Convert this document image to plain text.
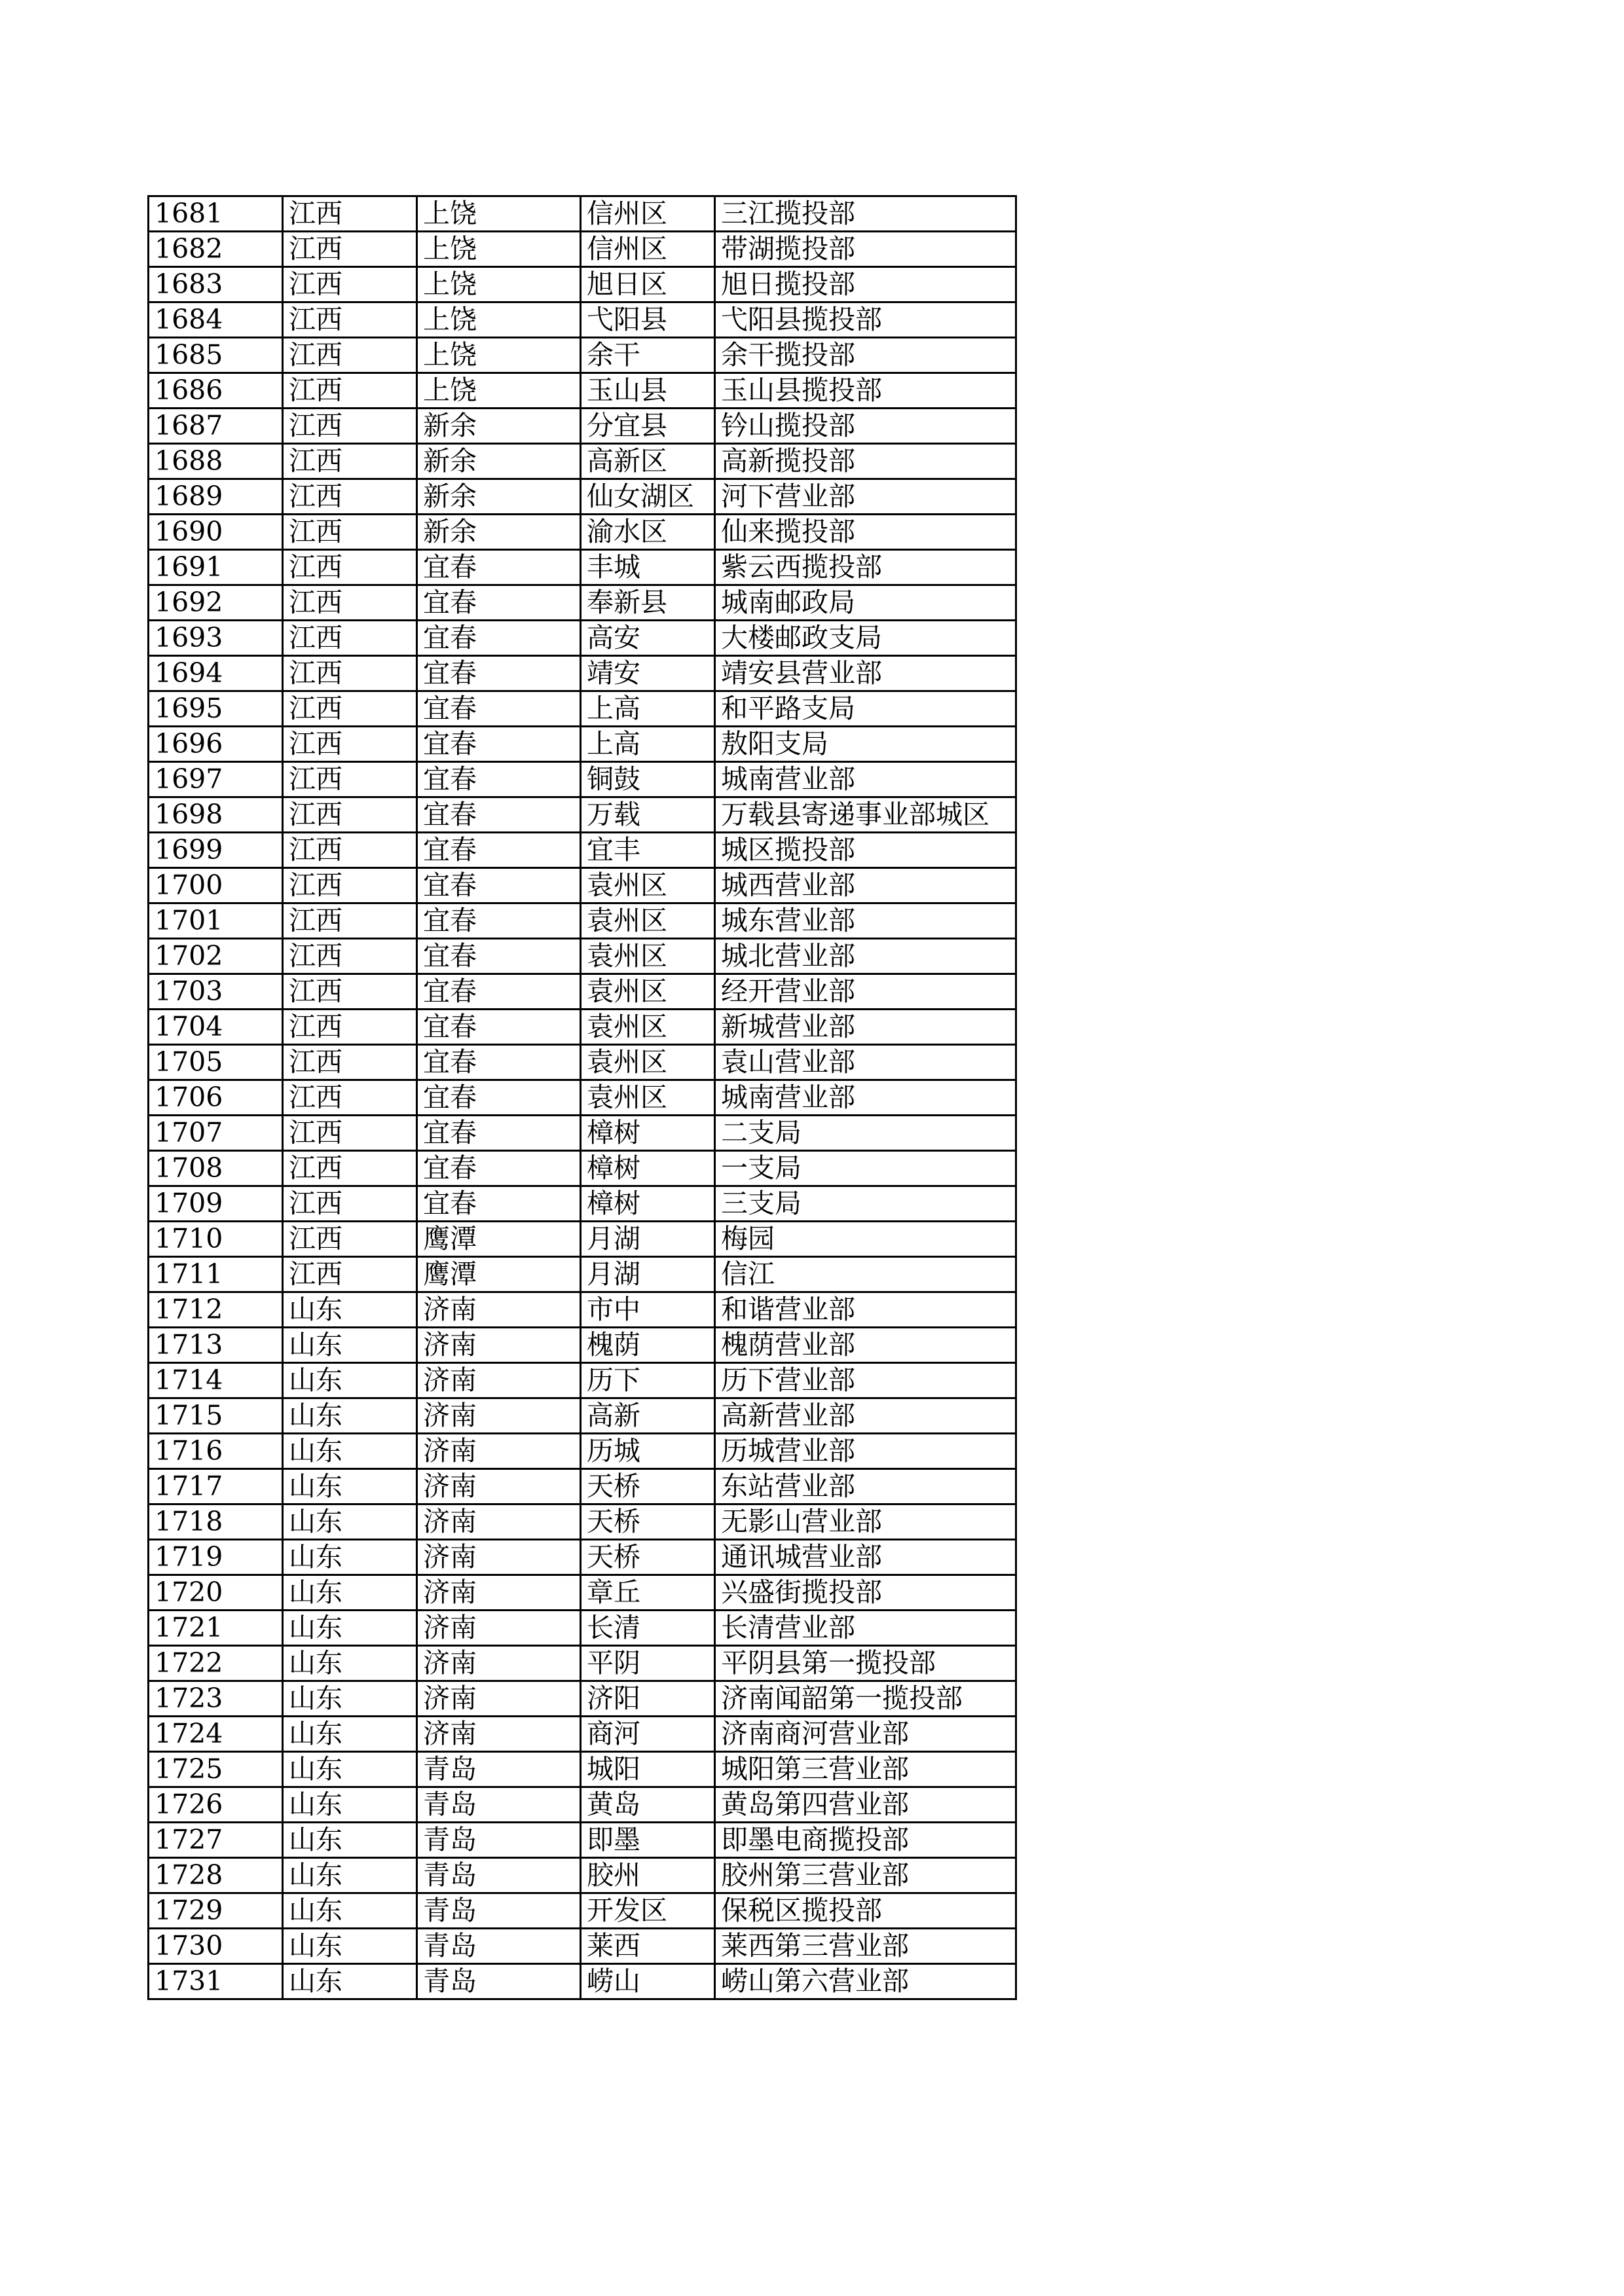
1681	江西	上饶	信州区	三江揽投部
1682	江西	上饶	信州区	带湖揽投部
1683	江西	上饶	旭日区	旭日揽投部
1684	江西	上饶	弋阳县	弋阳县揽投部
1685	江西	上饶	余干	余干揽投部
1686	江西	上饶	玉山县	玉山县揽投部
1687	江西	新余	分宜县	钤山揽投部
1688	江西	新余	高新区	高新揽投部
1689	江西	新余	仙女湖区	河下营业部
1690	江西	新余	渝水区	仙来揽投部
1691	江西	宜春	丰城	紫云西揽投部
1692	江西	宜春	奉新县	城南邮政局
1693	江西	宜春	高安	大楼邮政支局
1694	江西	宜春	靖安	靖安县营业部
1695	江西	宜春	上高	和平路支局
1696	江西	宜春	上高	敖阳支局
1697	江西	宜春	铜鼓	城南营业部
1698	江西	宜春	万载	万载县寄递事业部城区
1699	江西	宜春	宜丰	城区揽投部
1700	江西	宜春	袁州区	城西营业部
1701	江西	宜春	袁州区	城东营业部
1702	江西	宜春	袁州区	城北营业部
1703	江西	宜春	袁州区	经开营业部
1704	江西	宜春	袁州区	新城营业部
1705	江西	宜春	袁州区	袁山营业部
1706	江西	宜春	袁州区	城南营业部
1707	江西	宜春	樟树	二支局
1708	江西	宜春	樟树	一支局
1709	江西	宜春	樟树	三支局
1710	江西	鹰潭	月湖	梅园
1711	江西	鹰潭	月湖	信江
1712	山东	济南	市中	和谐营业部
1713	山东	济南	槐荫	槐荫营业部
1714	山东	济南	历下	历下营业部
1715	山东	济南	高新	高新营业部
1716	山东	济南	历城	历城营业部
1717	山东	济南	天桥	东站营业部
1718	山东	济南	天桥	无影山营业部
1719	山东	济南	天桥	通讯城营业部
1720	山东	济南	章丘	兴盛街揽投部
1721	山东	济南	长清	长清营业部
1722	山东	济南	平阴	平阴县第一揽投部
1723	山东	济南	济阳	济南闻韶第一揽投部
1724	山东	济南	商河	济南商河营业部
1725	山东	青岛	城阳	城阳第三营业部
1726	山东	青岛	黄岛	黄岛第四营业部
1727	山东	青岛	即墨	即墨电商揽投部
1728	山东	青岛	胶州	胶州第三营业部
1729	山东	青岛	开发区	保税区揽投部
1730	山东	青岛	莱西	莱西第三营业部
1731	山东	青岛	崂山	崂山第六营业部
